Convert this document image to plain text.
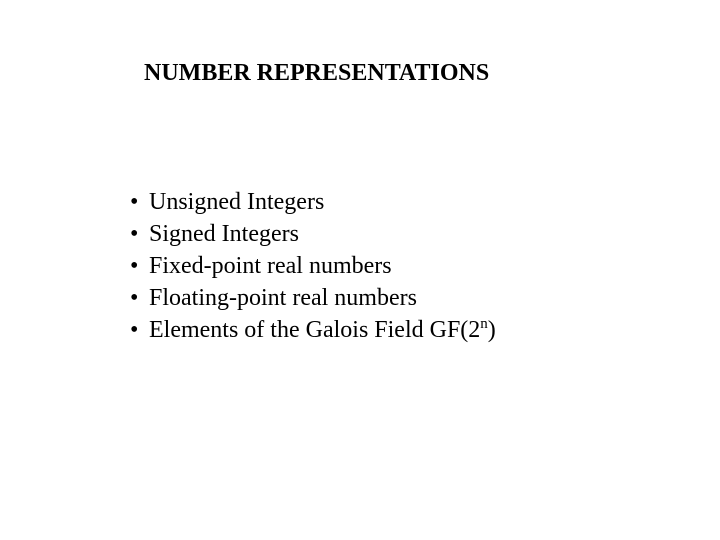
NUMBER REPRESENTATIONS
• Unsigned Integers
• Signed Integers
• Fixed-point real numbers
• Floating-point real numbers
• Elements of the Galois Field GF(2$^n$)
